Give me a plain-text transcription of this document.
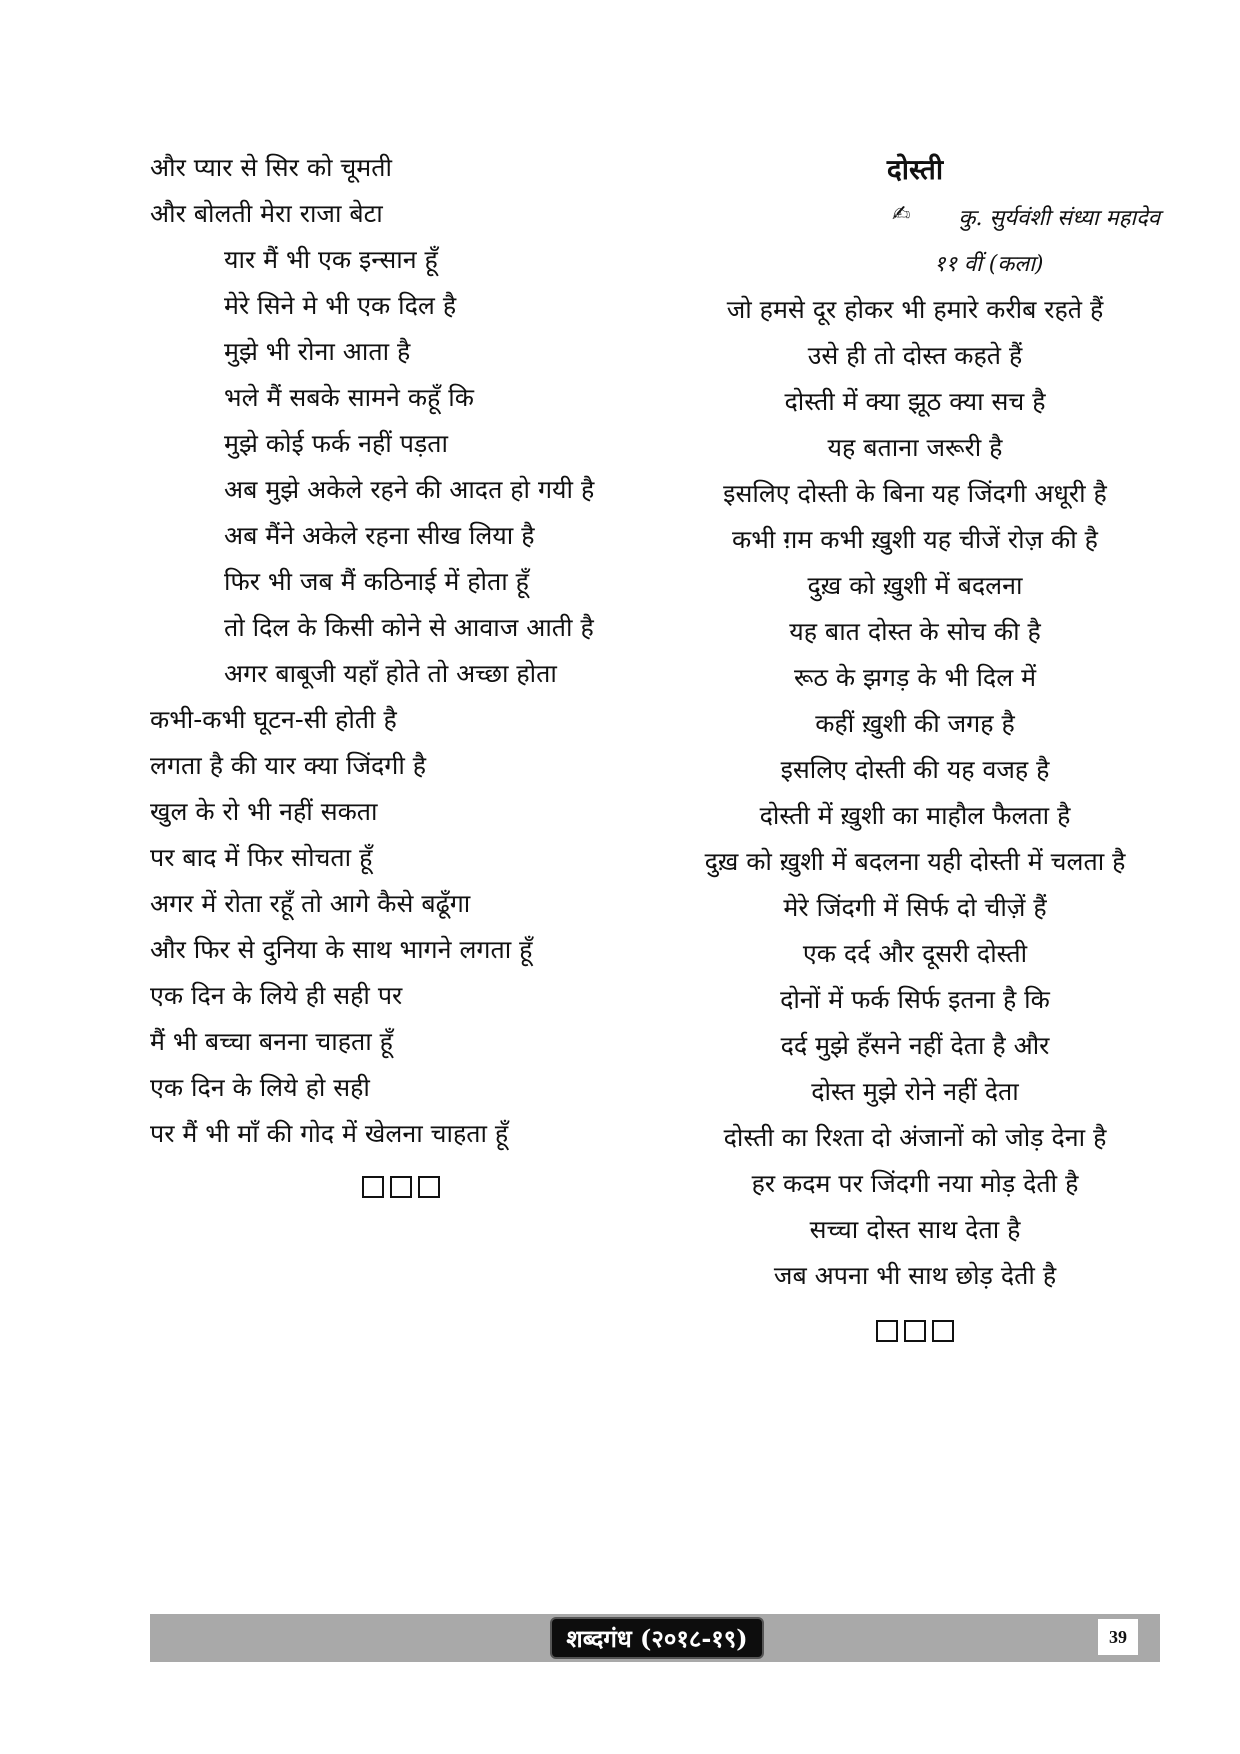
और प्यार से सिर को चूमती
और बोलती मेरा राजा बेटा
यार मैं भी एक इन्सान हूँ
मेरे सिने मे भी एक दिल है
मुझे भी रोना आता है
भले मैं सबके सामने कहूँ कि
मुझे कोई फर्क नहीं पड़ता
अब मुझे अकेले रहने की आदत हो गयी है
अब मैंने अकेले रहना सीख लिया है
फिर भी जब मैं कठिनाई में होता हूँ
तो दिल के किसी कोने से आवाज आती है
अगर बाबूजी यहाँ होते तो अच्छा होता
कभी-कभी घूटन-सी होती है
लगता है की यार क्या जिंदगी है
खुल के रो भी नहीं सकता
पर बाद में फिर सोचता हूँ
अगर में रोता रहूँ तो आगे कैसे बढूँगा
और फिर से दुनिया के साथ भागने लगता हूँ
एक दिन के लिये ही सही पर
मैं भी बच्चा बनना चाहता हूँ
एक दिन के लिये हो सही
पर मैं भी माँ की गोद में खेलना चाहता हूँ
दोस्ती
✍ कु. सुर्यवंशी संध्या महादेव
११ वीं (कला)
जो हमसे दूर होकर भी हमारे करीब रहते हैं
उसे ही तो दोस्त कहते हैं
दोस्ती में क्या झूठ क्या सच है
यह बताना जरूरी है
इसलिए दोस्ती के बिना यह जिंदगी अधूरी है
कभी ग़म कभी ख़ुशी यह चीजें रोज़ की है
दुख़ को ख़ुशी में बदलना
यह बात दोस्त के सोच की है
रूठ के झगड़ के भी दिल में
कहीं ख़ुशी की जगह है
इसलिए दोस्ती की यह वजह है
दोस्ती में ख़ुशी का माहौल फैलता है
दुख़ को ख़ुशी में बदलना यही दोस्ती में चलता है
मेरे जिंदगी में सिर्फ दो चीज़ें हैं
एक दर्द और दूसरी दोस्ती
दोनों में फर्क सिर्फ इतना है कि
दर्द मुझे हँसने नहीं देता है और
दोस्त मुझे रोने नहीं देता
दोस्ती का रिश्ता दो अंजानों को जोड़ देना है
हर कदम पर जिंदगी नया मोड़ देती है
सच्चा दोस्त साथ देता है
जब अपना भी साथ छोड़ देती है
शब्दगंध (२०१८-१९)	39
